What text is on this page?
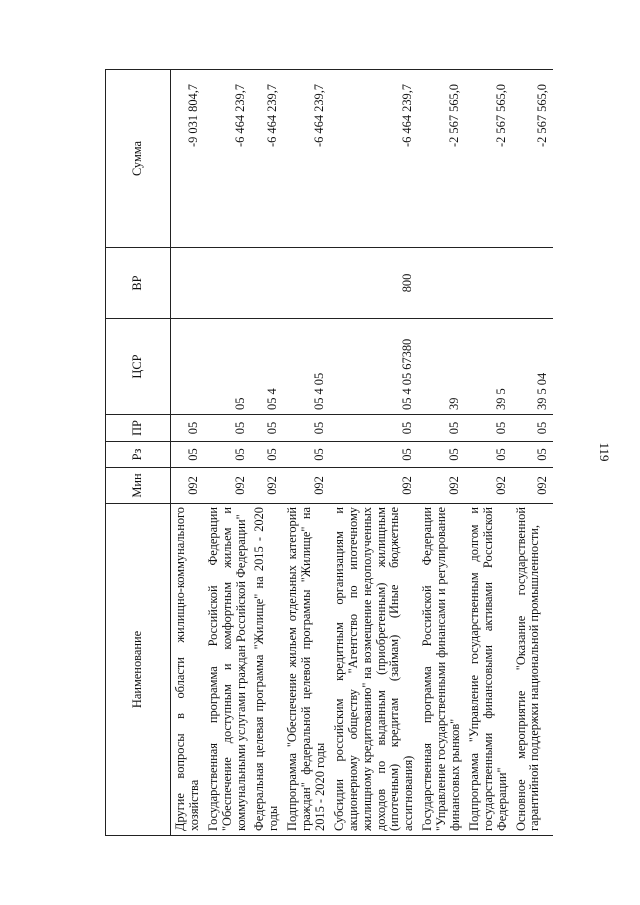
119
Наименование	Мин	Рз	ПР	ЦСР	ВР	Сумма
Другие вопросы в области жилищно-коммунального хозяйства	092	05	05			-9 031 804,7
Государственная программа Российской Федерации "Обеспечение доступным и комфортным жильем и коммунальными услугами граждан Российской Федерации"	092	05	05	05		-6 464 239,7
Федеральная целевая программа "Жилище" на 2015 - 2020 годы	092	05	05	05 4		-6 464 239,7
Подпрограмма "Обеспечение жильем отдельных категорий граждан" федеральной целевой программы "Жилище" на 2015 - 2020 годы	092	05	05	05 4 05		-6 464 239,7
Субсидии российским кредитным организациям и акционерному обществу "Агентство по ипотечному жилищному кредитованию" на возмещение недополученных доходов по выданным (приобретенным) жилищным (ипотечным) кредитам (займам) (Иные бюджетные ассигнования)	092	05	05	05 4 05 67380	800	-6 464 239,7
Государственная программа Российской Федерации "Управление государственными финансами и регулирование финансовых рынков"	092	05	05	39		-2 567 565,0
Подпрограмма "Управление государственным долгом и государственными финансовыми активами Российской Федерации"	092	05	05	39 5		-2 567 565,0
Основное мероприятие "Оказание государственной гарантийной поддержки национальной промышленности,	092	05	05	39 5 04		-2 567 565,0
